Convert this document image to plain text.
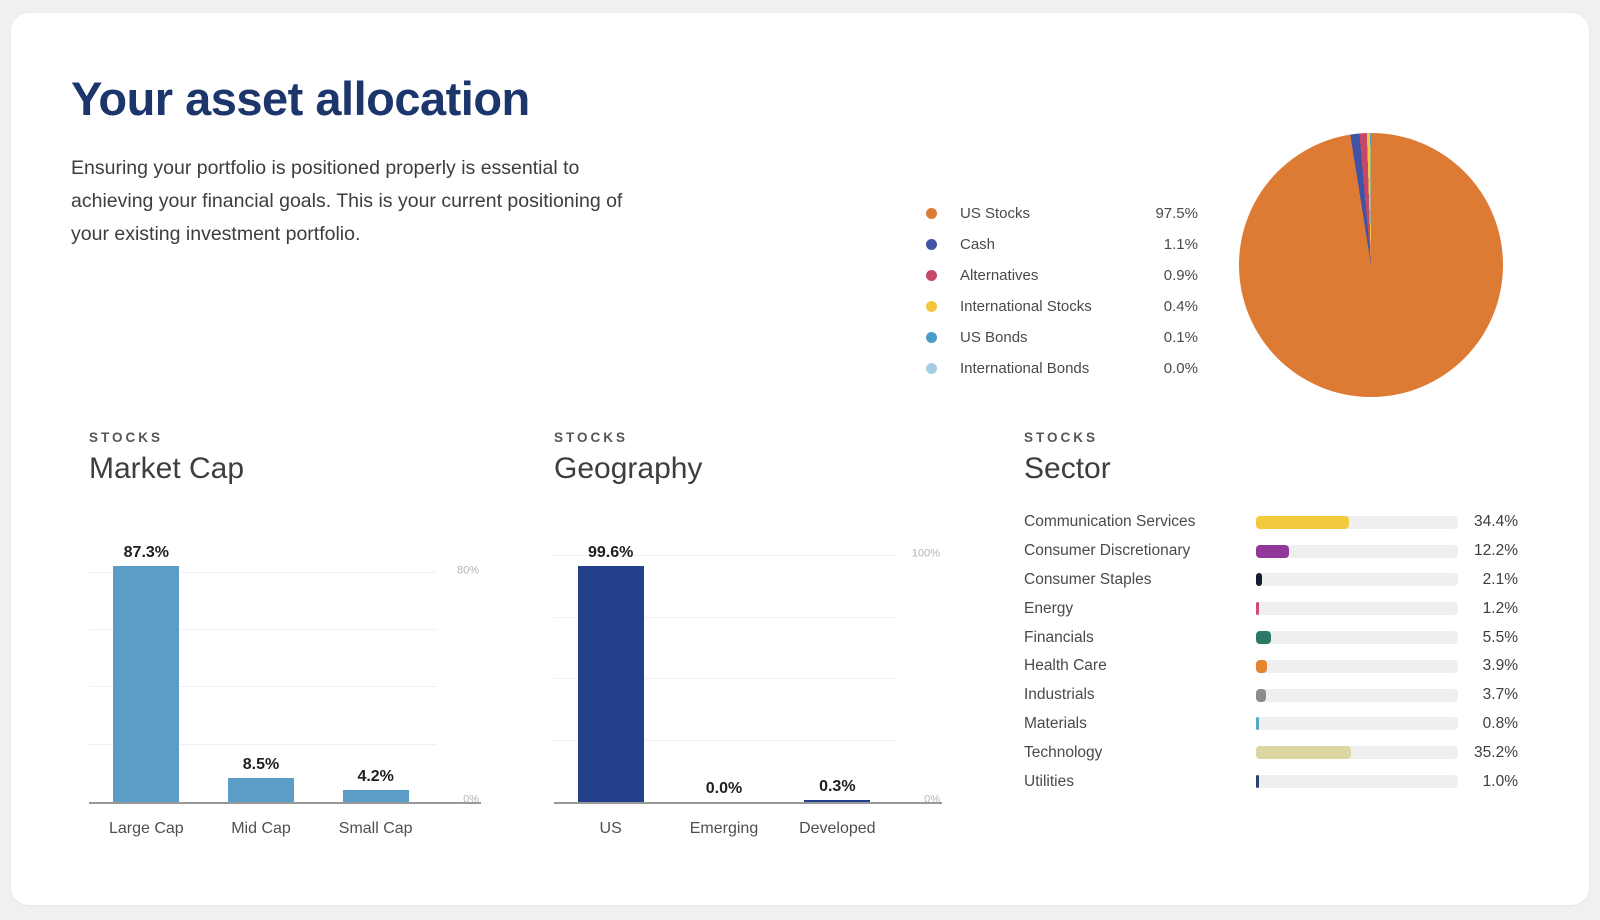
Your asset allocation

Ensuring your portfolio is positioned properly is essential to achieving your financial goals. This is your current positioning of your existing investment portfolio.

US Stocks	97.5%
Cash	1.1%
Alternatives	0.9%
International Stocks	0.4%
US Bonds	0.1%
International Bonds	0.0%
STOCKS
Market Cap
80%
0%
87.3%
8.5%
4.2%
Large Cap	Mid Cap	Small Cap
STOCKS
Geography
100%
0%
99.6%
0.0%	0.3%
US	Emerging	Developed
STOCKS
Sector
Communication Services	34.4%
Consumer Discretionary	12.2%
Consumer Staples	2.1%
Energy	1.2%
Financials	5.5%
Health Care	3.9%
Industrials	3.7%
Materials	0.8%
Technology	35.2%
Utilities	1.0%
